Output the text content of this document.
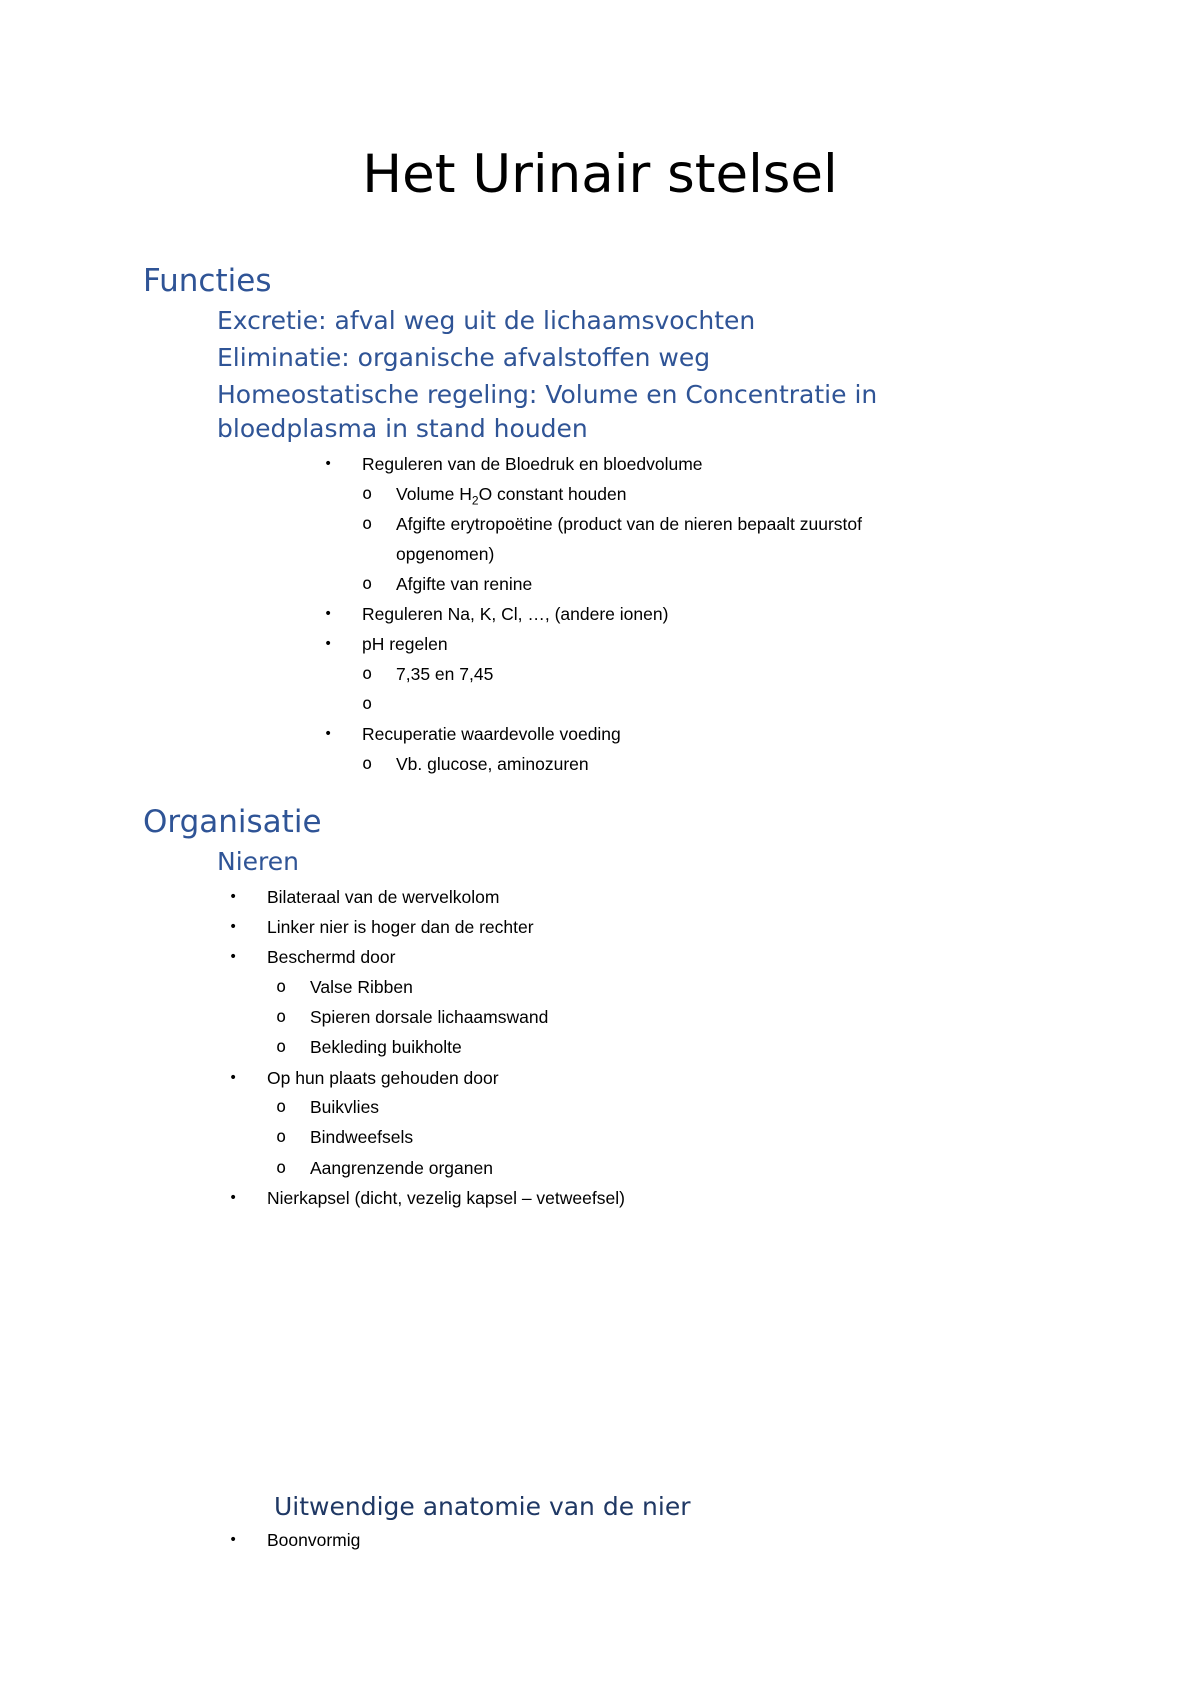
Het Urinair stelsel
Functies
Excretie: afval weg uit de lichaamsvochten
Eliminatie: organische afvalstoffen weg
Homeostatische regeling: Volume en Concentratie in
bloedplasma in stand houden
• Reguleren van de Bloedruk en bloedvolume
o Volume $H_2O$ constant houden
o Afgifte erytropoëtine (product van de nieren bepaalt zuurstof
opgenomen)
o Afgifte van renine
• Reguleren Na, K, Cl, …, (andere ionen)
• pH regelen
o 7,35 en 7,45
o
• Recuperatie waardevolle voeding
o Vb. glucose, aminozuren
Organisatie
Nieren
• Bilateraal van de wervelkolom
• Linker nier is hoger dan de rechter
• Beschermd door
o Valse Ribben
o Spieren dorsale lichaamswand
o Bekleding buikholte
• Op hun plaats gehouden door
o Buikvlies
o Bindweefsels
o Aangrenzende organen
• Nierkapsel (dicht, vezelig kapsel – vetweefsel)
Uitwendige anatomie van de nier
• Boonvormig
